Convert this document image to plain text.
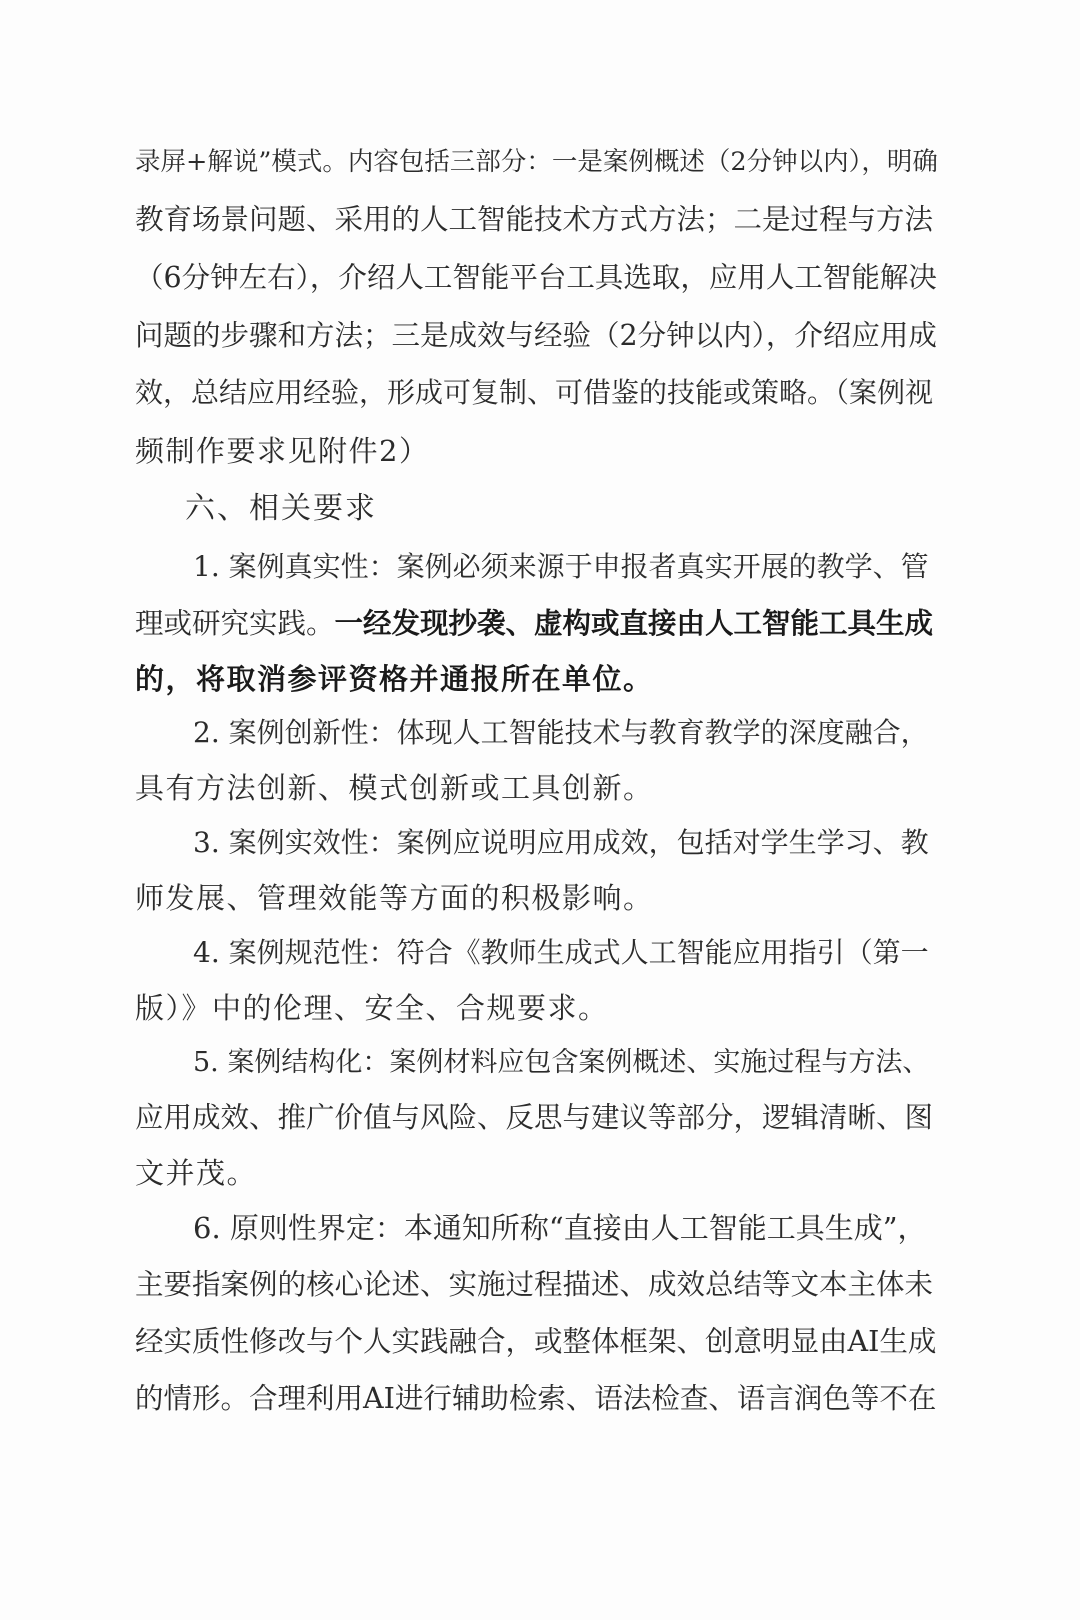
录屏+解说”模式。内容包括三部分：一是案例概述（2分钟以内），明确
教育场景问题、采用的人工智能技术方式方法；二是过程与方法
（6分钟左右），介绍人工智能平台工具选取，应用人工智能解决
问题的步骤和方法；三是成效与经验（2分钟以内），介绍应用成
效，总结应用经验，形成可复制、可借鉴的技能或策略。（案例视
频制作要求见附件2）
六、相关要求
1. 案例真实性：案例必须来源于申报者真实开展的教学、管
理或研究实践。一经发现抄袭、虚构或直接由人工智能工具生成
的，将取消参评资格并通报所在单位。
2. 案例创新性：体现人工智能技术与教育教学的深度融合，
具有方法创新、模式创新或工具创新。
3. 案例实效性：案例应说明应用成效，包括对学生学习、教
师发展、管理效能等方面的积极影响。
4. 案例规范性：符合《教师生成式人工智能应用指引（第一
版）》中的伦理、安全、合规要求。
5. 案例结构化：案例材料应包含案例概述、实施过程与方法、
应用成效、推广价值与风险、反思与建议等部分，逻辑清晰、图
文并茂。
6. 原则性界定：本通知所称“直接由人工智能工具生成”，
主要指案例的核心论述、实施过程描述、成效总结等文本主体未
经实质性修改与个人实践融合，或整体框架、创意明显由AI生成
的情形。合理利用AI进行辅助检索、语法检查、语言润色等不在
